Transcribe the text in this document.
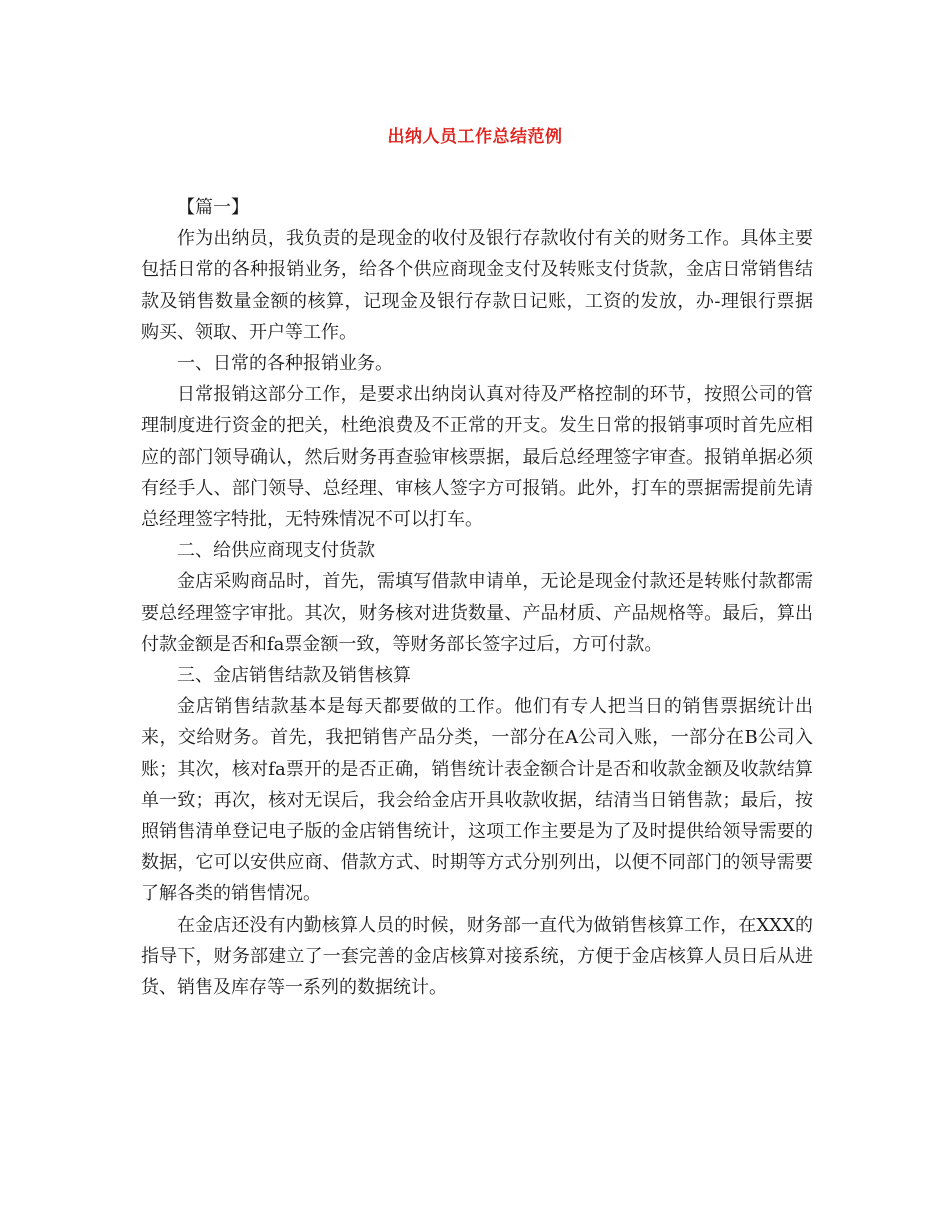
出纳人员工作总结范例

【篇一】

作为出纳员，我负责的是现金的收付及银行存款收付有关的财务工作。具体主要包括日常的各种报销业务，给各个供应商现金支付及转账支付货款，金店日常销售结款及销售数量金额的核算，记现金及银行存款日记账，工资的发放，办-理银行票据购买、领取、开户等工作。

一、日常的各种报销业务。

日常报销这部分工作，是要求出纳岗认真对待及严格控制的环节，按照公司的管理制度进行资金的把关，杜绝浪费及不正常的开支。发生日常的报销事项时首先应相应的部门领导确认，然后财务再查验审核票据，最后总经理签字审查。报销单据必须有经手人、部门领导、总经理、审核人签字方可报销。此外，打车的票据需提前先请总经理签字特批，无特殊情况不可以打车。

二、给供应商现支付货款

金店采购商品时，首先，需填写借款申请单，无论是现金付款还是转账付款都需要总经理签字审批。其次，财务核对进货数量、产品材质、产品规格等。最后，算出付款金额是否和fa票金额一致，等财务部长签字过后，方可付款。

三、金店销售结款及销售核算

金店销售结款基本是每天都要做的工作。他们有专人把当日的销售票据统计出来，交给财务。首先，我把销售产品分类，一部分在A公司入账，一部分在B公司入账；其次，核对fa票开的是否正确，销售统计表金额合计是否和收款金额及收款结算单一致；再次，核对无误后，我会给金店开具收款收据，结清当日销售款；最后，按照销售清单登记电子版的金店销售统计，这项工作主要是为了及时提供给领导需要的数据，它可以安供应商、借款方式、时期等方式分别列出，以便不同部门的领导需要了解各类的销售情况。

在金店还没有内勤核算人员的时候，财务部一直代为做销售核算工作，在XXX的指导下，财务部建立了一套完善的金店核算对接系统，方便于金店核算人员日后从进货、销售及库存等一系列的数据统计。
